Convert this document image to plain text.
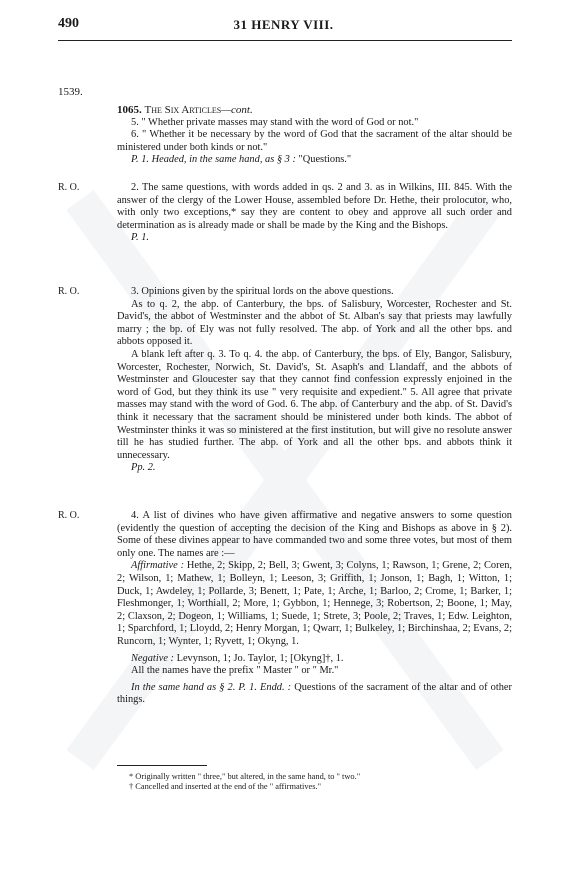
490	31 HENRY VIII.
1539.

1065. The Six Articles—cont.

5. " Whether private masses may stand with the word of God or not."

6. " Whether it be necessary by the word of God that the sacrament of the altar should be ministered under both kinds or not."

P. 1. Headed, in the same hand, as § 3 : "Questions."

R. O.	2. The same questions, with words added in qs. 2 and 3. as in Wilkins, III. 845. With the answer of the clergy of the Lower House, assembled before Dr. Hethe, their prolocutor, who, with only two exceptions,* say they are content to obey and approve all such order and determination as is already made or shall be made by the King and the Bishops.

P. 1.

R. O.	3. Opinions given by the spiritual lords on the above questions.

As to q. 2, the abp. of Canterbury, the bps. of Salisbury, Worcester, Rochester and St. David's, the abbot of Westminster and the abbot of St. Alban's say that priests may lawfully marry ; the bp. of Ely was not fully resolved. The abp. of York and all the other bps. and abbots opposed it.

A blank left after q. 3. To q. 4. the abp. of Canterbury, the bps. of Ely, Bangor, Salisbury, Worcester, Rochester, Norwich, St. David's, St. Asaph's and Llandaff, and the abbots of Westminster and Gloucester say that they cannot find confession expressly enjoined in the word of God, but they think its use " very requisite and expedient." 5. All agree that private masses may stand with the word of God. 6. The abp. of Canterbury and the abp. of St. David's think it necessary that the sacrament should be ministered under both kinds. The abbot of Westminster thinks it was so ministered at the first institution, but will give no resolute answer till he has studied further. The abp. of York and all the other bps. and abbots think it unnecessary.

Pp. 2.

R. O.	4. A list of divines who have given affirmative and negative answers to some question (evidently the question of accepting the decision of the King and Bishops as above in § 2). Some of these divines appear to have commanded two and some three votes, but most of them only one. The names are :—

Affirmative : Hethe, 2; Skipp, 2; Bell, 3; Gwent, 3; Colyns, 1; Rawson, 1; Grene, 2; Coren, 2; Wilson, 1; Mathew, 1; Bolleyn, 1; Leeson, 3; Griffith, 1; Jonson, 1; Bagh, 1; Witton, 1; Duck, 1; Awdeley, 1; Pollarde, 3; Benett, 1; Pate, 1; Arche, 1; Barloo, 2; Crome, 1; Barker, 1; Fleshmonger, 1; Worthiall, 2; More, 1; Gybbon, 1; Hennege, 3; Robertson, 2; Boone, 1; May, 2; Claxson, 2; Dogeon, 1; Williams, 1; Suede, 1; Strete, 3; Poole, 2; Traves, 1; Edw. Leighton, 1; Sparchford, 1; Lloydd, 2; Henry Morgan, 1; Qwarr, 1; Bulkeley, 1; Birchinshaa, 2; Evans, 2; Runcorn, 1; Wynter, 1; Ryvett, 1; Okyng, 1.

Negative : Levynson, 1; Jo. Taylor, 1; [Okyng]†, 1.

All the names have the prefix " Master " or " Mr."

In the same hand as § 2. P. 1. Endd. : Questions of the sacrament of the altar and of other things.

* Originally written " three," but altered, in the same hand, to " two."
† Cancelled and inserted at the end of the " affirmatives."
